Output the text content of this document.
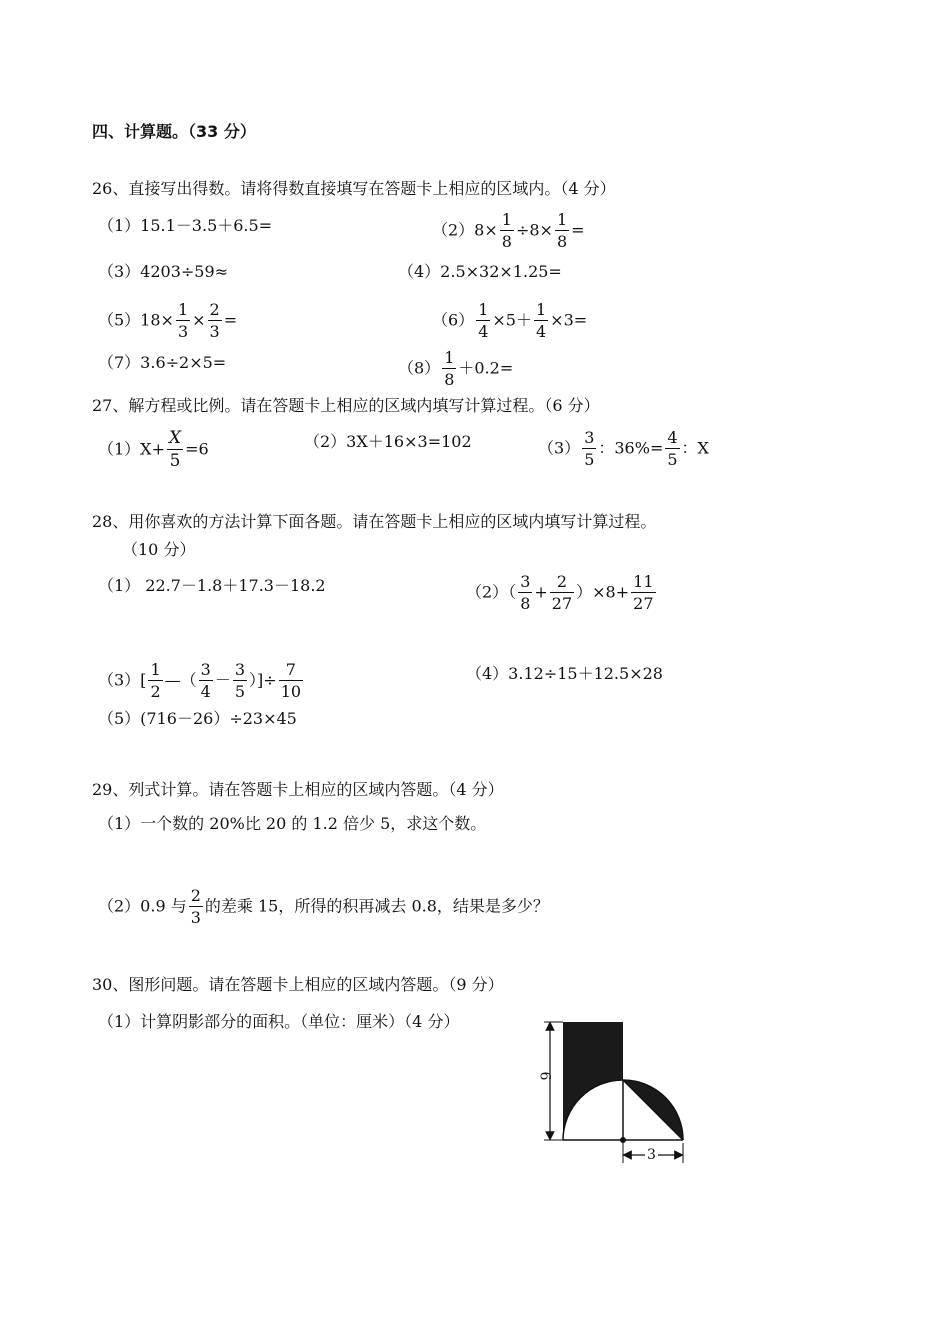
四、计算题。（33 分）
26、直接写出得数。请将得数直接填写在答题卡上相应的区域内。（4 分）
（1）15.1－3.5＋6.5=	$(2)8\times \frac{1}{8} \div 8\times \frac{1}{8}$ =
（3）4203÷59≈	（4）2.5×32×1.25=
$(5)18\times \frac{1}{3} \times \frac{2}{3}$ =	$(6) \frac{1}{4} \times 5+ \frac{1}{4} \times 3=$
（7）3.6÷2×5=	$(8) \frac{1}{8} +0.2=$
27、解方程或比例。请在答题卡上相应的区域内填写计算过程。（6 分）
$(1)X+ \frac{X}{5} =6$	（2）3X＋16×3=102	$(3) \frac{3}{5}$ ：$36\%= \frac{4}{5}$ ：X
28、用你喜欢的方法计算下面各题。请在答题卡上相应的区域内填写计算过程。
（10 分）
（1） 22.7－1.8＋17.3－18.2	$(2)( \frac{3}{8} + \frac{2}{27} )\times 8+ \frac{11}{27}$
$(3)[ \frac{1}{2}$ —（ $\frac{3}{4} - \frac{3}{5}$ ）]÷ $\frac{7}{10}$	（4）3.12÷15＋12.5×28
（5）(716－26）÷23×45
29、列式计算。请在答题卡上相应的区域内答题。（4 分）
（1）一个数的 20%比 20 的 1.2 倍少 5，求这个数。
（2）0.9 与 $\frac{2}{3}$ 的差乘 15，所得的积再减去 0.8，结果是多少？
30、图形问题。请在答题卡上相应的区域内答题。（9 分）
（1）计算阴影部分的面积。（单位：厘米）（4 分）
6
3
